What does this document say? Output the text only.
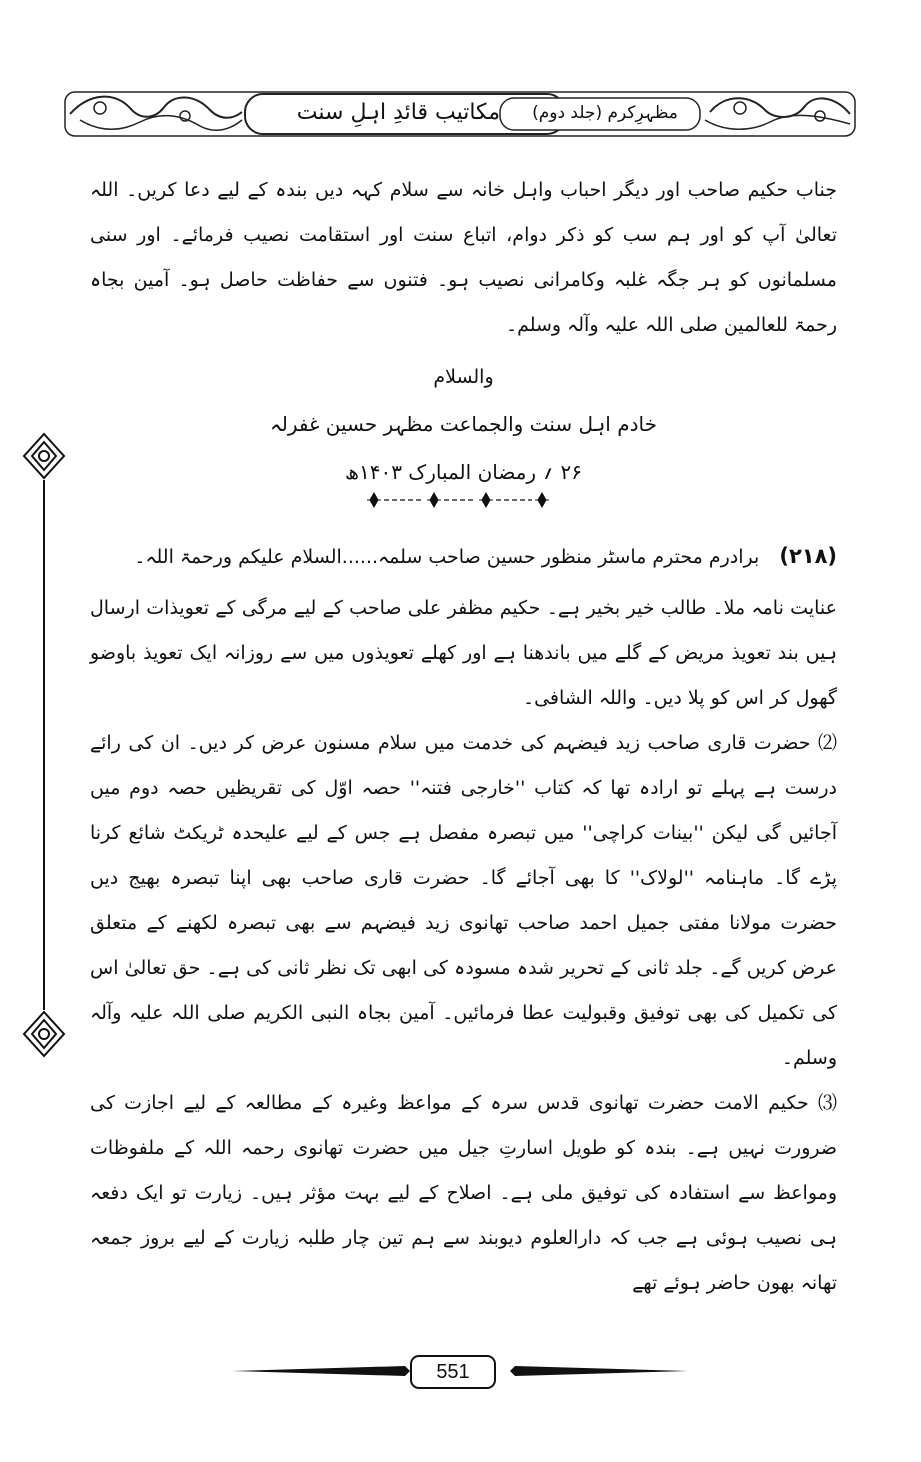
مکاتیب قائدِ اہلِ سنت مظہرِکرم (جلد دوم)

جناب حکیم صاحب اور دیگر احباب واہل خانہ سے سلام کہہ دیں بندہ کے لیے دعا کریں۔ اللہ تعالیٰ آپ کو اور ہم سب کو ذکر دوام، اتباع سنت اور استقامت نصیب فرمائے۔ اور سنی مسلمانوں کو ہر جگہ غلبہ وکامرانی نصیب ہو۔ فتنوں سے حفاظت حاصل ہو۔ آمین بجاہ رحمۃ للعالمین صلی اللہ علیہ وآلہ وسلم۔

والسلام
خادم اہل سنت والجماعت مظہر حسین غفرلہ
۲۶ ؍ رمضان المبارک ۱۴۰۳ھ
(۲۱۸) برادرم محترم ماسٹر منظور حسین صاحب سلمہ......السلام علیکم ورحمۃ اللہ۔

عنایت نامہ ملا۔ طالب خیر بخیر ہے۔ حکیم مظفر علی صاحب کے لیے مرگی کے تعویذات ارسال ہیں بند تعویذ مریض کے گلے میں باندھنا ہے اور کھلے تعویذوں میں سے روزانہ ایک تعویذ باوضو گھول کر اس کو پلا دیں۔ واللہ الشافی۔

⑵ حضرت قاری صاحب زید فیضہم کی خدمت میں سلام مسنون عرض کر دیں۔ ان کی رائے درست ہے پہلے تو ارادہ تھا کہ کتاب ''خارجی فتنہ'' حصہ اوّل کی تقریظیں حصہ دوم میں آجائیں گی لیکن ''بینات کراچی'' میں تبصرہ مفصل ہے جس کے لیے علیحدہ ٹریکٹ شائع کرنا پڑے گا۔ ماہنامہ ''لولاک'' کا بھی آجائے گا۔ حضرت قاری صاحب بھی اپنا تبصرہ بھیج دیں حضرت مولانا مفتی جمیل احمد صاحب تھانوی زید فیضہم سے بھی تبصرہ لکھنے کے متعلق عرض کریں گے۔ جلد ثانی کے تحریر شدہ مسودہ کی ابھی تک نظر ثانی کی ہے۔ حق تعالیٰ اس کی تکمیل کی بھی توفیق وقبولیت عطا فرمائیں۔ آمین بجاہ النبی الکریم صلی اللہ علیہ وآلہ وسلم۔

⑶ حکیم الامت حضرت تھانوی قدس سرہ کے مواعظ وغیرہ کے مطالعہ کے لیے اجازت کی ضرورت نہیں ہے۔ بندہ کو طویل اسارتِ جیل میں حضرت تھانوی رحمہ اللہ کے ملفوظات ومواعظ سے استفادہ کی توفیق ملی ہے۔ اصلاح کے لیے بہت مؤثر ہیں۔ زیارت تو ایک دفعہ ہی نصیب ہوئی ہے جب کہ دارالعلوم دیوبند سے ہم تین چار طلبہ زیارت کے لیے بروز جمعہ تھانہ بھون حاضر ہوئے تھے

551
